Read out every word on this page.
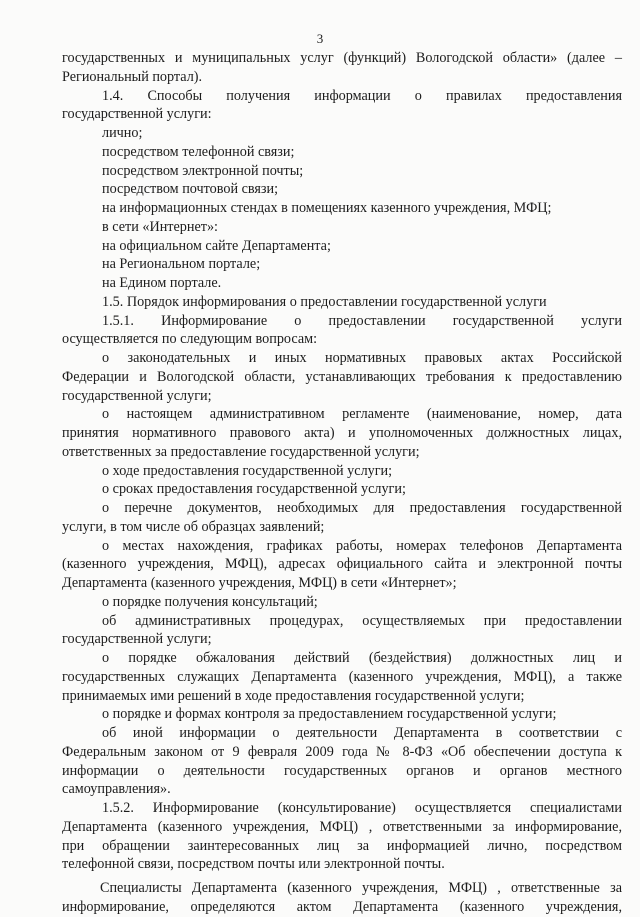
3
государственных и муниципальных услуг (функций) Вологодской области» (далее –
Региональный портал).
1.4. Способы получения информации о правилах предоставления
государственной услуги:
лично;
посредством телефонной связи;
посредством электронной почты;
посредством почтовой связи;
на информационных стендах в помещениях казенного учреждения, МФЦ;
в сети «Интернет»:
на официальном сайте Департамента;
на Региональном портале;
на Едином портале.
1.5. Порядок информирования о предоставлении государственной услуги
1.5.1. Информирование о предоставлении государственной услуги
осуществляется по следующим вопросам:
о законодательных и иных нормативных правовых актах Российской
Федерации и Вологодской области, устанавливающих требования к предоставлению
государственной услуги;
о настоящем административном регламенте (наименование, номер, дата
принятия нормативного правового акта) и уполномоченных должностных лицах,
ответственных за предоставление государственной услуги;
о ходе предоставления государственной услуги;
о сроках предоставления государственной услуги;
о перечне документов, необходимых для предоставления государственной
услуги, в том числе об образцах заявлений;
о местах нахождения, графиках работы, номерах телефонов Департамента
(казенного учреждения, МФЦ), адресах официального сайта и электронной почты
Департамента (казенного учреждения, МФЦ) в сети «Интернет»;
о порядке получения консультаций;
об административных процедурах, осуществляемых при предоставлении
государственной услуги;
о порядке обжалования действий (бездействия) должностных лиц и
государственных служащих Департамента (казенного учреждения, МФЦ), а также
принимаемых ими решений в ходе предоставления государственной услуги;
о порядке и формах контроля за предоставлением государственной услуги;
об иной информации о деятельности Департамента в соответствии с
Федеральным законом от 9 февраля 2009 года № 8-ФЗ «Об обеспечении доступа к
информации о деятельности государственных органов и органов местного
самоуправления».
1.5.2. Информирование (консультирование) осуществляется специалистами
Департамента (казенного учреждения, МФЦ) , ответственными за информирование,
при обращении заинтересованных лиц за информацией лично, посредством
телефонной связи, посредством почты или электронной почты.
Специалисты Департамента (казенного учреждения, МФЦ) , ответственные за
информирование, определяются актом Департамента (казенного учреждения,
